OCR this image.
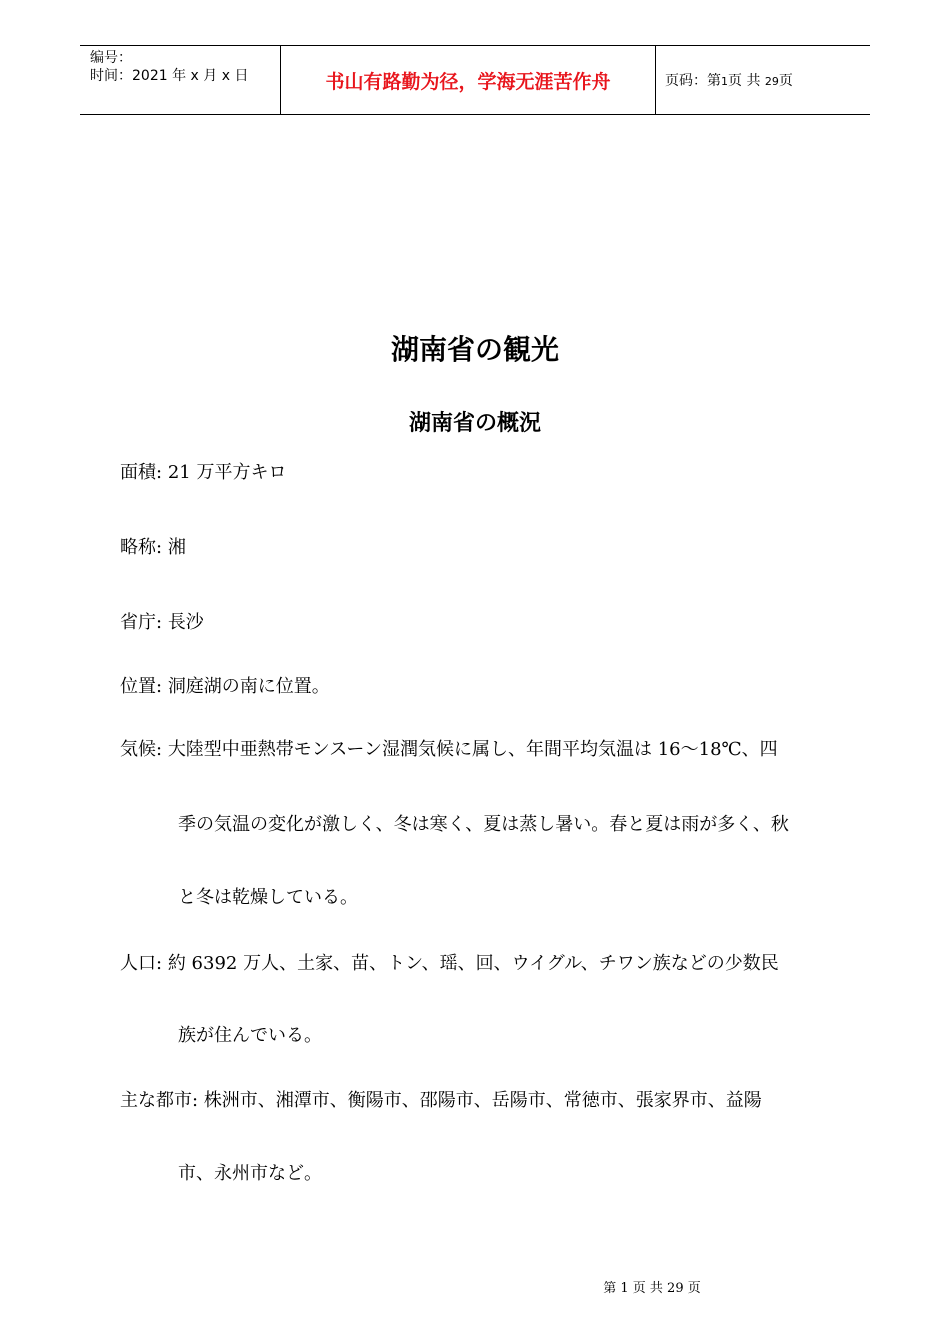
编号：
时间：2021 年 x 月 x 日	书山有路勤为径，学海无涯苦作舟	页码：第1页 共 29页
湖南省の観光
湖南省の概況
面積: 21 万平方キロ
略称: 湘
省庁: 長沙
位置: 洞庭湖の南に位置。
気候: 大陸型中亜熱帯モンスーン湿潤気候に属し、年間平均気温は 16～18℃、四
季の気温の変化が激しく、冬は寒く、夏は蒸し暑い。春と夏は雨が多く、秋
と冬は乾燥している。
人口: 約 6392 万人、土家、苗、トン、瑶、回、ウイグル、チワン族などの少数民
族が住んでいる。
主な都市: 株洲市、湘潭市、衡陽市、邵陽市、岳陽市、常徳市、張家界市、益陽
市、永州市など。
第 1 页 共 29 页
